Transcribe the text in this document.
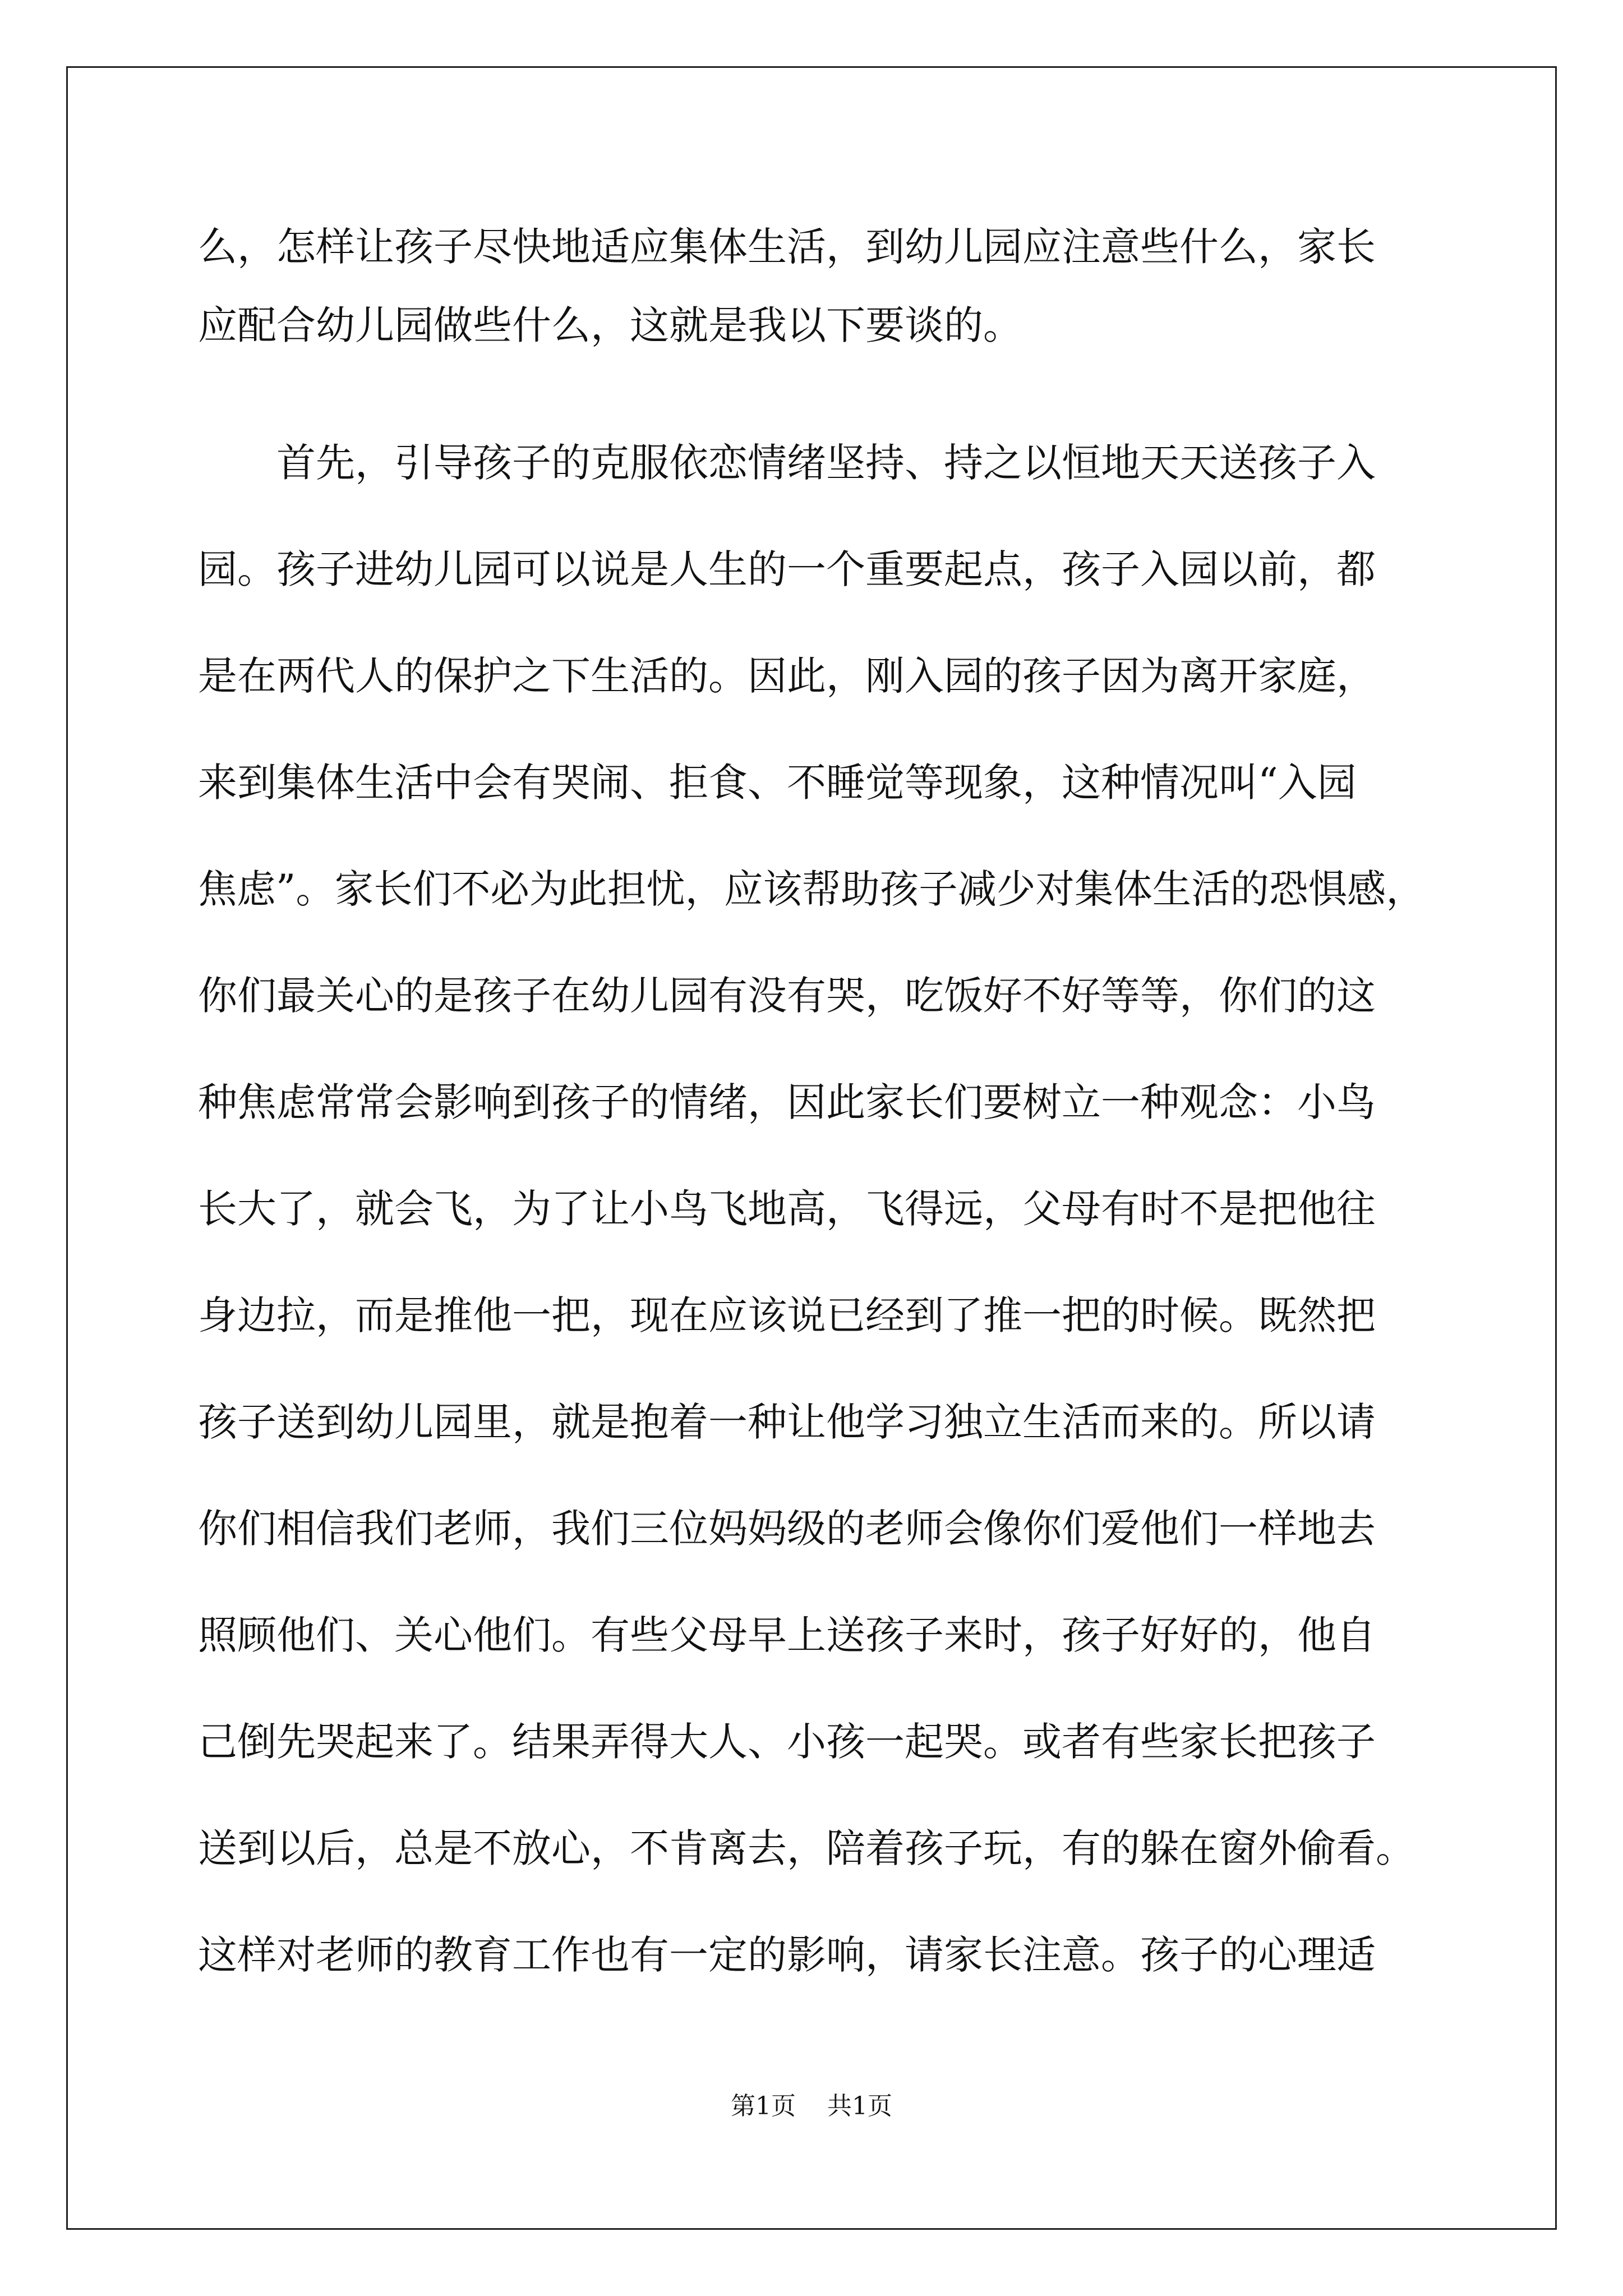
么，怎样让孩子尽快地适应集体生活，到幼儿园应注意些什么，家长
应配合幼儿园做些什么，这就是我以下要谈的。
　　首先，引导孩子的克服依恋情绪坚持、持之以恒地天天送孩子入
园。孩子进幼儿园可以说是人生的一个重要起点，孩子入园以前，都
是在两代人的保护之下生活的。因此，刚入园的孩子因为离开家庭，
来到集体生活中会有哭闹、拒食、不睡觉等现象，这种情况叫“入园
焦虑”。家长们不必为此担忧，应该帮助孩子减少对集体生活的恐惧感，
你们最关心的是孩子在幼儿园有没有哭，吃饭好不好等等，你们的这
种焦虑常常会影响到孩子的情绪，因此家长们要树立一种观念：小鸟
长大了，就会飞，为了让小鸟飞地高，飞得远，父母有时不是把他往
身边拉，而是推他一把，现在应该说已经到了推一把的时候。既然把
孩子送到幼儿园里，就是抱着一种让他学习独立生活而来的。所以请
你们相信我们老师，我们三位妈妈级的老师会像你们爱他们一样地去
照顾他们、关心他们。有些父母早上送孩子来时，孩子好好的，他自
己倒先哭起来了。结果弄得大人、小孩一起哭。或者有些家长把孩子
送到以后，总是不放心，不肯离去，陪着孩子玩，有的躲在窗外偷看。
这样对老师的教育工作也有一定的影响，请家长注意。孩子的心理适
第1页 共1页
